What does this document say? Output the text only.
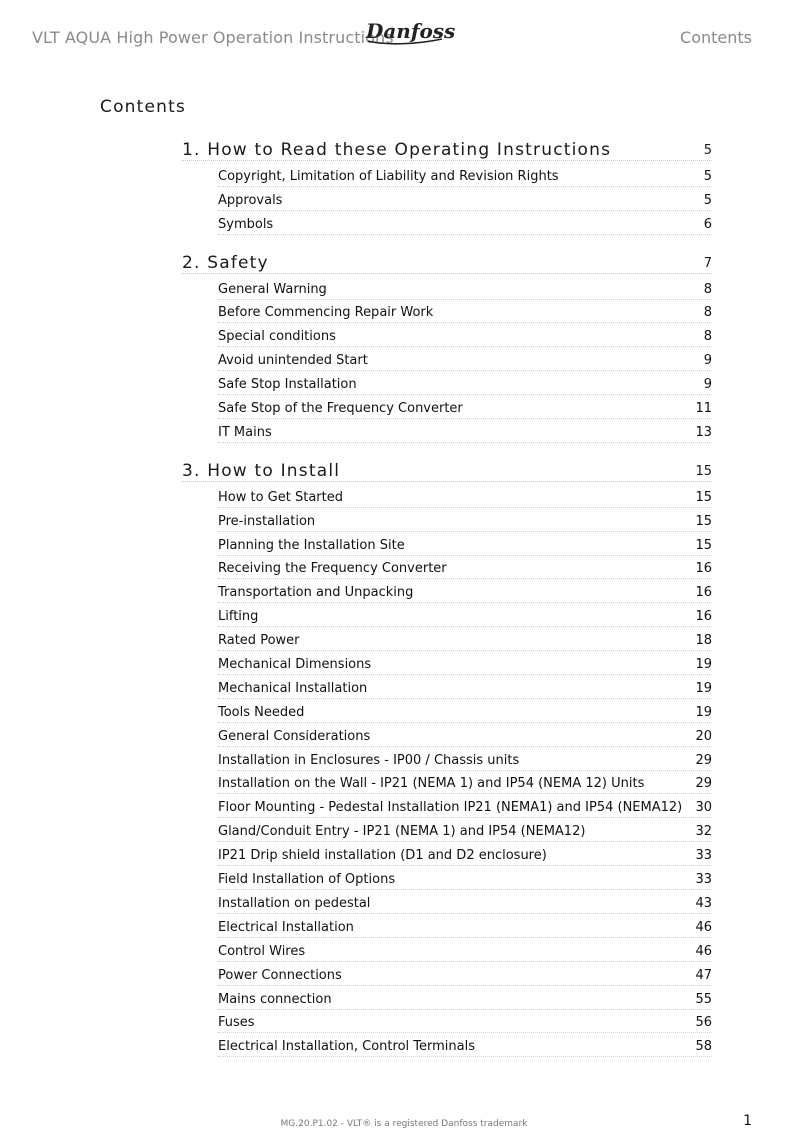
VLT AQUA High Power Operation Instructions
Danfoss	Contents
Contents
1. How to Read these Operating Instructions	5
Copyright, Limitation of Liability and Revision Rights	5
Approvals	5
Symbols	6
2. Safety	7
General Warning	8
Before Commencing Repair Work	8
Special conditions	8
Avoid unintended Start	9
Safe Stop Installation	9
Safe Stop of the Frequency Converter	11
IT Mains	13
3. How to Install	15
How to Get Started	15
Pre-installation	15
Planning the Installation Site	15
Receiving the Frequency Converter	16
Transportation and Unpacking	16
Lifting	16
Rated Power	18
Mechanical Dimensions	19
Mechanical Installation	19
Tools Needed	19
General Considerations	20
Installation in Enclosures - IP00 / Chassis units	29
Installation on the Wall - IP21 (NEMA 1) and IP54 (NEMA 12) Units	29
Floor Mounting - Pedestal Installation IP21 (NEMA1) and IP54 (NEMA12) 30
Gland/Conduit Entry - IP21 (NEMA 1) and IP54 (NEMA12)	32
IP21 Drip shield installation (D1 and D2 enclosure)	33
Field Installation of Options	33
Installation on pedestal	43
Electrical Installation	46
Control Wires	46
Power Connections	47
Mains connection	55
Fuses	56
Electrical Installation, Control Terminals	58
MG.20.P1.02 - VLT® is a registered Danfoss trademark	1
